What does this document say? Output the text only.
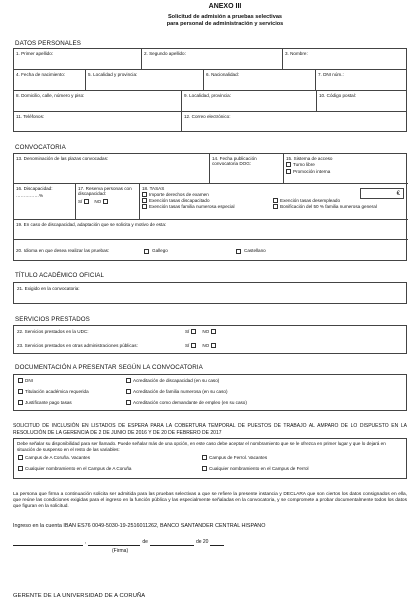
ANEXO III
Solicitud de admisión a pruebas selectivas
para personal de administración y servicios
DATOS PERSONALES
1. Primer apellido:	2. Segundo apellido:	3. Nombre:
4. Fecha de nacimiento:	5. Localidad y provincia:	6. Nacionalidad:	7. DNI núm.:
8. Domicilio, calle, número y piso:	9. Localidad, provincia:	10. Código postal:
11. Teléfonos:	12. Correo electrónico:
CONVOCATORIA
13. Denominación de las plazas convocadas:	14. Fecha publicación
convocatoria DOG:
15. Sistema de acceso
Turno libre
Promoción interna
16. Discapacidad:
……………%
17. Reserva personas con discapacidad:
SÍ	NO
18. TASAS
Importe derechos de examen
Exención tasas discapacitado	Exención tasas desempleado
Exención tasas familia numerosa especial	Bonificación del 50 % familia numerosa general
€
19. En caso de discapacidad, adaptación que se solicita y motivo de esta:
20. Idioma en que desea realizar las pruebas:	Gallego	Castellano
TÍTULO ACADÉMICO OFICIAL
21. Exigido en la convocatoria:
SERVICIOS PRESTADOS
22. Servicios prestados en la UDC:	SÍ	NO
23. Servicios prestados en otras administraciones públicas:	SÍ	NO
DOCUMENTACIÓN A PRESENTAR SEGÚN LA CONVOCATORIA
DNI
Titulación académica requerida
Justificante pago tasas
Acreditación de discapacidad (en su caso)
Acreditación de familia numerosa (en su caso)
Acreditación como demandante de empleo (en su caso)
SOLICITUD DE INCLUSIÓN EN LISTADOS DE ESPERA PARA LA COBERTURA TEMPORAL DE PUESTOS DE TRABAJO AL AMPARO DE LO DISPUESTO EN LA RESOLUCIÓN DE LA GERENCIA DE 2 DE JUNIO DE 2016 Y DE 20 DE FEBRERO DE 2017
Debe señalar su disponibilidad para ser llamado. Puede señalar más de una opción, en este caso debe aceptar el nombramiento que se le ofrezca en primer lugar y que lo dejará en situación de suspenso en el resto de las variables:
Campus de A Coruña. Vacantes	Campus de Ferrol. Vacantes
Cualquier nombramiento en el Campus de A Coruña	Cualquier nombramiento en el Campus de Ferrol
La persona que firma a continuación solicita ser admitida para las pruebas selectivas a que se refiere la presente instancia y DECLARA que son ciertos los datos consignados en ella, que reúne las condiciones exigidas para el ingreso en la función pública y las especialmente señaladas en la convocatoria, y se compromete a probar documentalmente todos los datos que figuran en la solicitud.
Ingreso en la cuenta IBAN ES76 0049-5030-19-2516011262, BANCO SANTANDER CENTRAL HISPANO
,	de	de 20
(Firma)
GERENTE DE LA UNIVERSIDAD DE A CORUÑA
